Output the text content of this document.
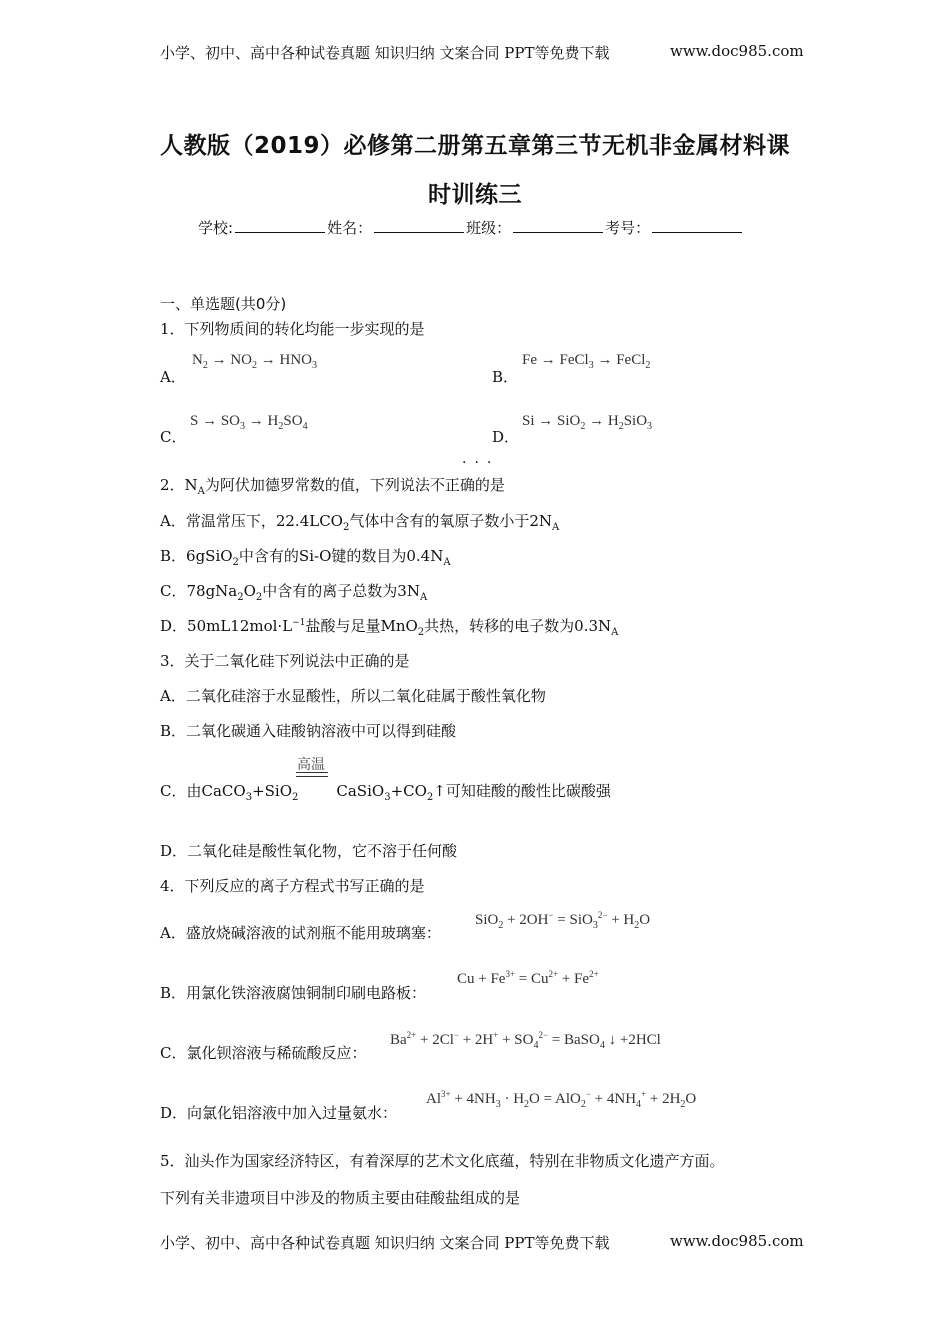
小学、初中、高中各种试卷真题 知识归纳 文案合同 PPT等免费下载	www.doc985.com
人教版（2019）必修第二册第五章第三节无机非金属材料课
时训练三
学校:	姓名：	班级：	考号：
一、单选题(共0分)
1．下列物质间的转化均能一步实现的是
A．
$N_2 \to NO_2 \to HNO_3$
B．
Fe → FeCl$_3$ → FeCl$_2$
C．
$S \to SO_3 \to H_2SO_4$
D．
$Si \to SiO_2 \to H_2SiO_3$
···
2．$N_A$为阿伏加德罗常数的值，下列说法不正确的是
A．常温常压下，$22.4LCO_2$气体中含有的氧原子数小于$2N_A$
B．6gSiO$_2$中含有的Si-O键的数目为$0.4N_A$
C．$78gNa_2O_2$中含有的离子总数为$3N_A$
D．$50mL12mol\cdot L^{-1}$盐酸与足量MnO$_2$共热，转移的电子数为$0.3N_A$
3．关于二氧化硅下列说法中正确的是
A．二氧化硅溶于水显酸性，所以二氧化硅属于酸性氧化物
B．二氧化碳通入硅酸钠溶液中可以得到硅酸
高温
C．由CaCO$_3$+SiO$_2$	$CaSiO_3+CO_2↑$可知硅酸的酸性比碳酸强
D．二氧化硅是酸性氧化物，它不溶于任何酸
4．下列反应的离子方程式书写正确的是
A．盛放烧碱溶液的试剂瓶不能用玻璃塞：
$SiO_2 + 2OH^- = SiO_3^{2-} + H_2O$
B．用氯化铁溶液腐蚀铜制印刷电路板：
$Cu + Fe^{3+} = Cu^{2+} + Fe^{2+}$
C．氯化钡溶液与稀硫酸反应：
$Ba^{2+} + 2Cl^- + 2H^+ + SO_4^{2-}$ = BaSO$_4$ ↓ +2HCl
D．向氯化铝溶液中加入过量氨水：
$Al^{3+} + 4NH_3 \cdot H_2O = AlO_2^- + 4NH_4^+ + 2H_2O$
5．汕头作为国家经济特区，有着深厚的艺术文化底蕴，特别在非物质文化遗产方面。
下列有关非遗项目中涉及的物质主要由硅酸盐组成的是
小学、初中、高中各种试卷真题 知识归纳 文案合同 PPT等免费下载	www.doc985.com
